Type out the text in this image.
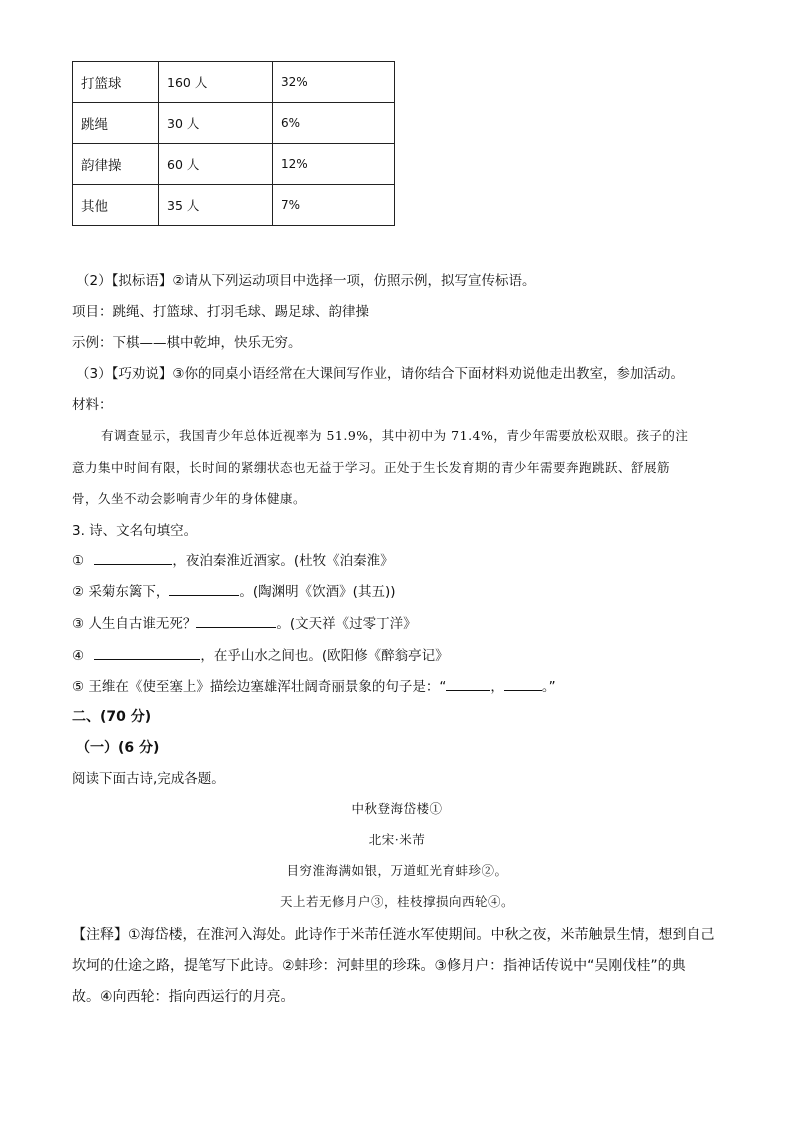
打篮球	160 人	32%
跳绳	30 人	6%
韵律操	60 人	12%
其他	35 人	7%
（2）【拟标语】②请从下列运动项目中选择一项，仿照示例，拟写宣传标语。
项目：跳绳、打篮球、打羽毛球、踢足球、韵律操
示例：下棋——棋中乾坤，快乐无穷。
（3）【巧劝说】③你的同桌小语经常在大课间写作业，请你结合下面材料劝说他走出教室，参加活动。
材料：
有调查显示，我国青少年总体近视率为 51.9%，其中初中为 71.4%，青少年需要放松双眼。孩子的注
意力集中时间有限，长时间的紧绷状态也无益于学习。正处于生长发育期的青少年需要奔跑跳跃、舒展筋
骨，久坐不动会影响青少年的身体健康。
3. 诗、文名句填空。
①	，夜泊秦淮近酒家。(杜牧《泊秦淮》
② 采菊东篱下，	。(陶渊明《饮酒》(其五))
③ 人生自古谁无死？	。(文天祥《过零丁洋》
④	，在乎山水之间也。(欧阳修《醉翁亭记》
⑤ 王维在《使至塞上》描绘边塞雄浑壮阔奇丽景象的句子是：“	，	。”
二、(70 分)
（一）(6 分)
阅读下面古诗,完成各题。
中秋登海岱楼①
北宋·米芾
目穷淮海满如银，万道虹光育蚌珍②。
天上若无修月户③，桂枝撑损向西轮④。
【注释】①海岱楼，在淮河入海处。此诗作于米芾任涟水军使期间。中秋之夜，米芾触景生情，想到自己
坎坷的仕途之路，提笔写下此诗。②蚌珍：河蚌里的珍珠。③修月户：指神话传说中“吴刚伐桂”的典
故。④向西轮：指向西运行的月亮。
